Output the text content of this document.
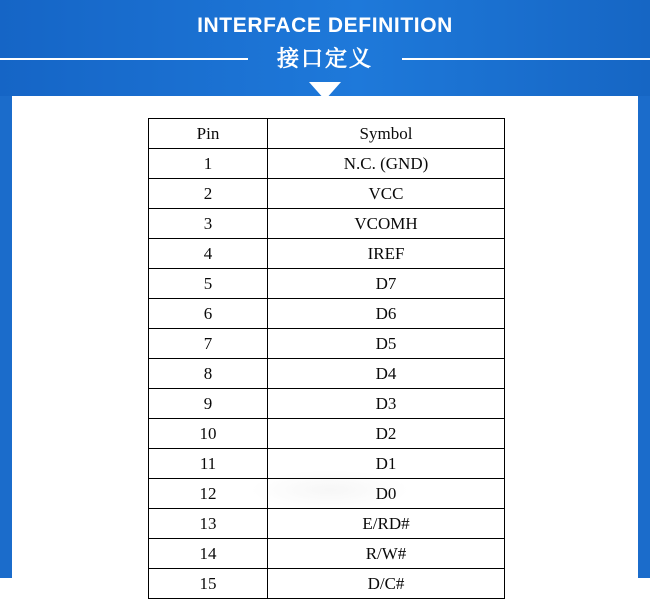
INTERFACE DEFINITION
接口定义
Pin	Symbol
1	N.C. (GND)
2	VCC
3	VCOMH
4	IREF
5	D7
6	D6
7	D5
8	D4
9	D3
10	D2
11	D1
12	D0
13	E/RD#
14	R/W#
15	D/C#
